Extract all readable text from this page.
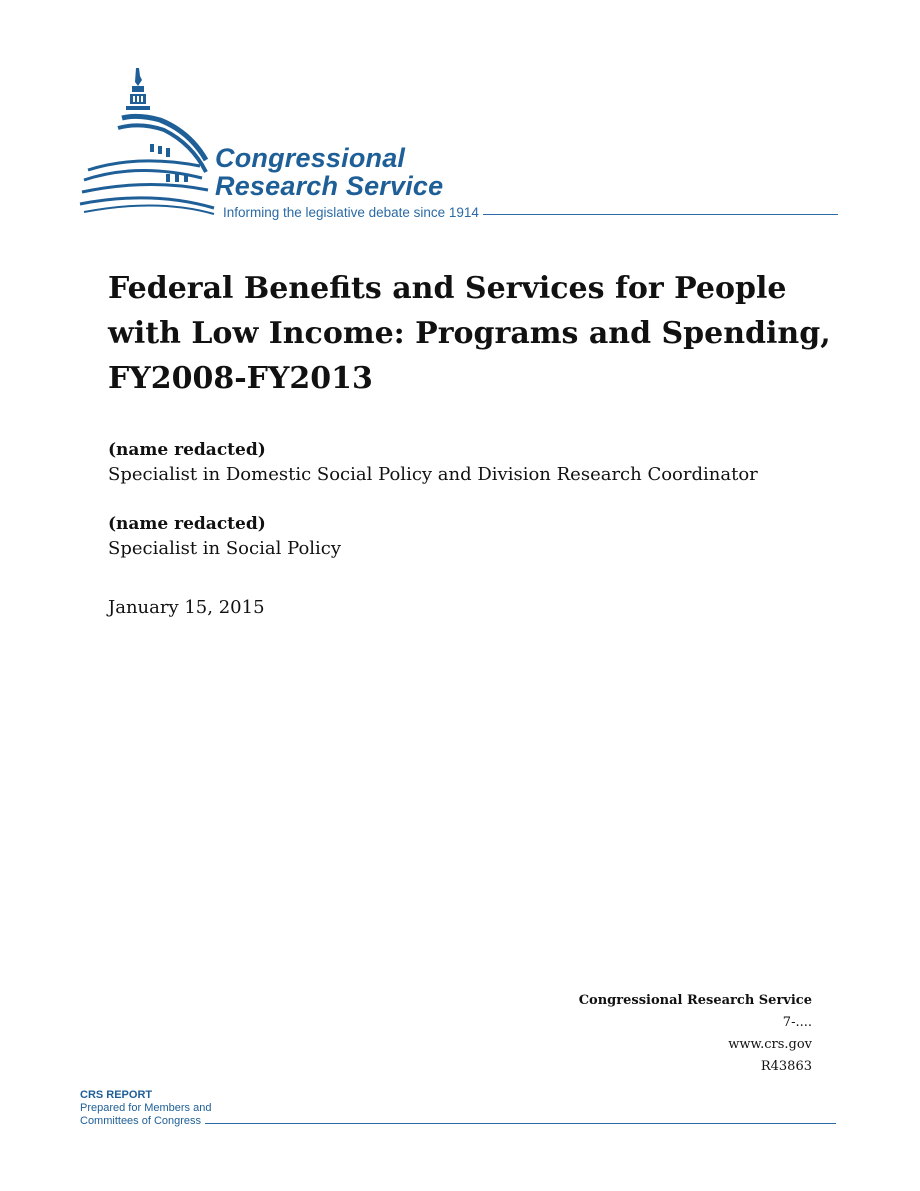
Congressional
Research Service
Informing the legislative debate since 1914
Federal Benefits and Services for People with Low Income: Programs and Spending, FY2008-FY2013
(name redacted)
Specialist in Domestic Social Policy and Division Research Coordinator
(name redacted)
Specialist in Social Policy
January 15, 2015
Congressional Research Service
7-....
www.crs.gov
R43863
CRS REPORT
Prepared for Members and
Committees of Congress
